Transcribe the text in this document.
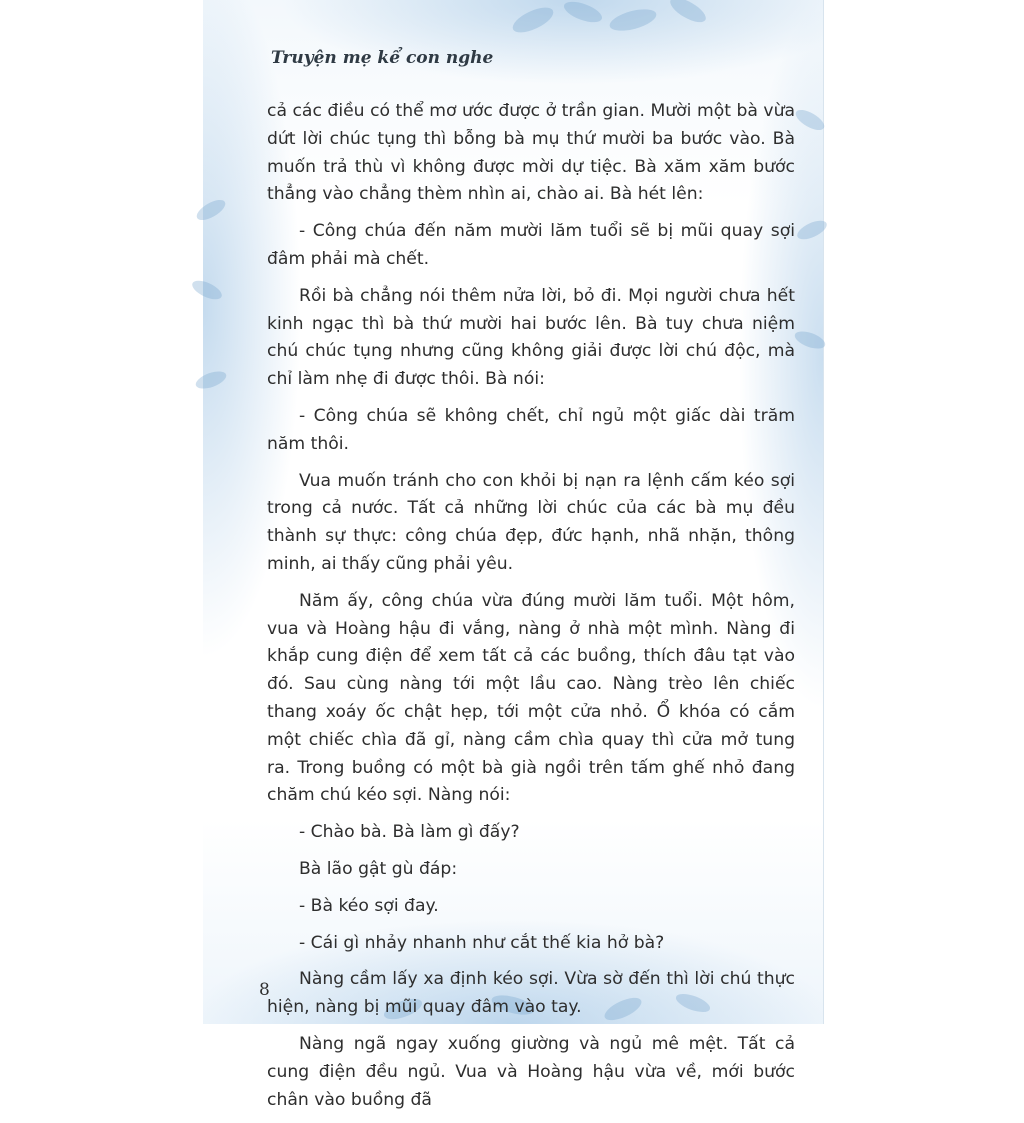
Truyện mẹ kể con nghe

cả các điều có thể mơ ước được ở trần gian. Mười một bà vừa dứt lời chúc tụng thì bỗng bà mụ thứ mười ba bước vào. Bà muốn trả thù vì không được mời dự tiệc. Bà xăm xăm bước thẳng vào chẳng thèm nhìn ai, chào ai. Bà hét lên:

- Công chúa đến năm mười lăm tuổi sẽ bị mũi quay sợi đâm phải mà chết.

Rồi bà chẳng nói thêm nửa lời, bỏ đi. Mọi người chưa hết kinh ngạc thì bà thứ mười hai bước lên. Bà tuy chưa niệm chú chúc tụng nhưng cũng không giải được lời chú độc, mà chỉ làm nhẹ đi được thôi. Bà nói:

- Công chúa sẽ không chết, chỉ ngủ một giấc dài trăm năm thôi.

Vua muốn tránh cho con khỏi bị nạn ra lệnh cấm kéo sợi trong cả nước. Tất cả những lời chúc của các bà mụ đều thành sự thực: công chúa đẹp, đức hạnh, nhã nhặn, thông minh, ai thấy cũng phải yêu.

Năm ấy, công chúa vừa đúng mười lăm tuổi. Một hôm, vua và Hoàng hậu đi vắng, nàng ở nhà một mình. Nàng đi khắp cung điện để xem tất cả các buồng, thích đâu tạt vào đó. Sau cùng nàng tới một lầu cao. Nàng trèo lên chiếc thang xoáy ốc chật hẹp, tới một cửa nhỏ. Ổ khóa có cắm một chiếc chìa đã gỉ, nàng cầm chìa quay thì cửa mở tung ra. Trong buồng có một bà già ngồi trên tấm ghế nhỏ đang chăm chú kéo sợi. Nàng nói:

- Chào bà. Bà làm gì đấy?

Bà lão gật gù đáp:

- Bà kéo sợi đay.

- Cái gì nhảy nhanh như cắt thế kia hở bà?

Nàng cầm lấy xa định kéo sợi. Vừa sờ đến thì lời chú thực hiện, nàng bị mũi quay đâm vào tay.

Nàng ngã ngay xuống giường và ngủ mê mệt. Tất cả cung điện đều ngủ. Vua và Hoàng hậu vừa về, mới bước chân vào buồng đã

8
